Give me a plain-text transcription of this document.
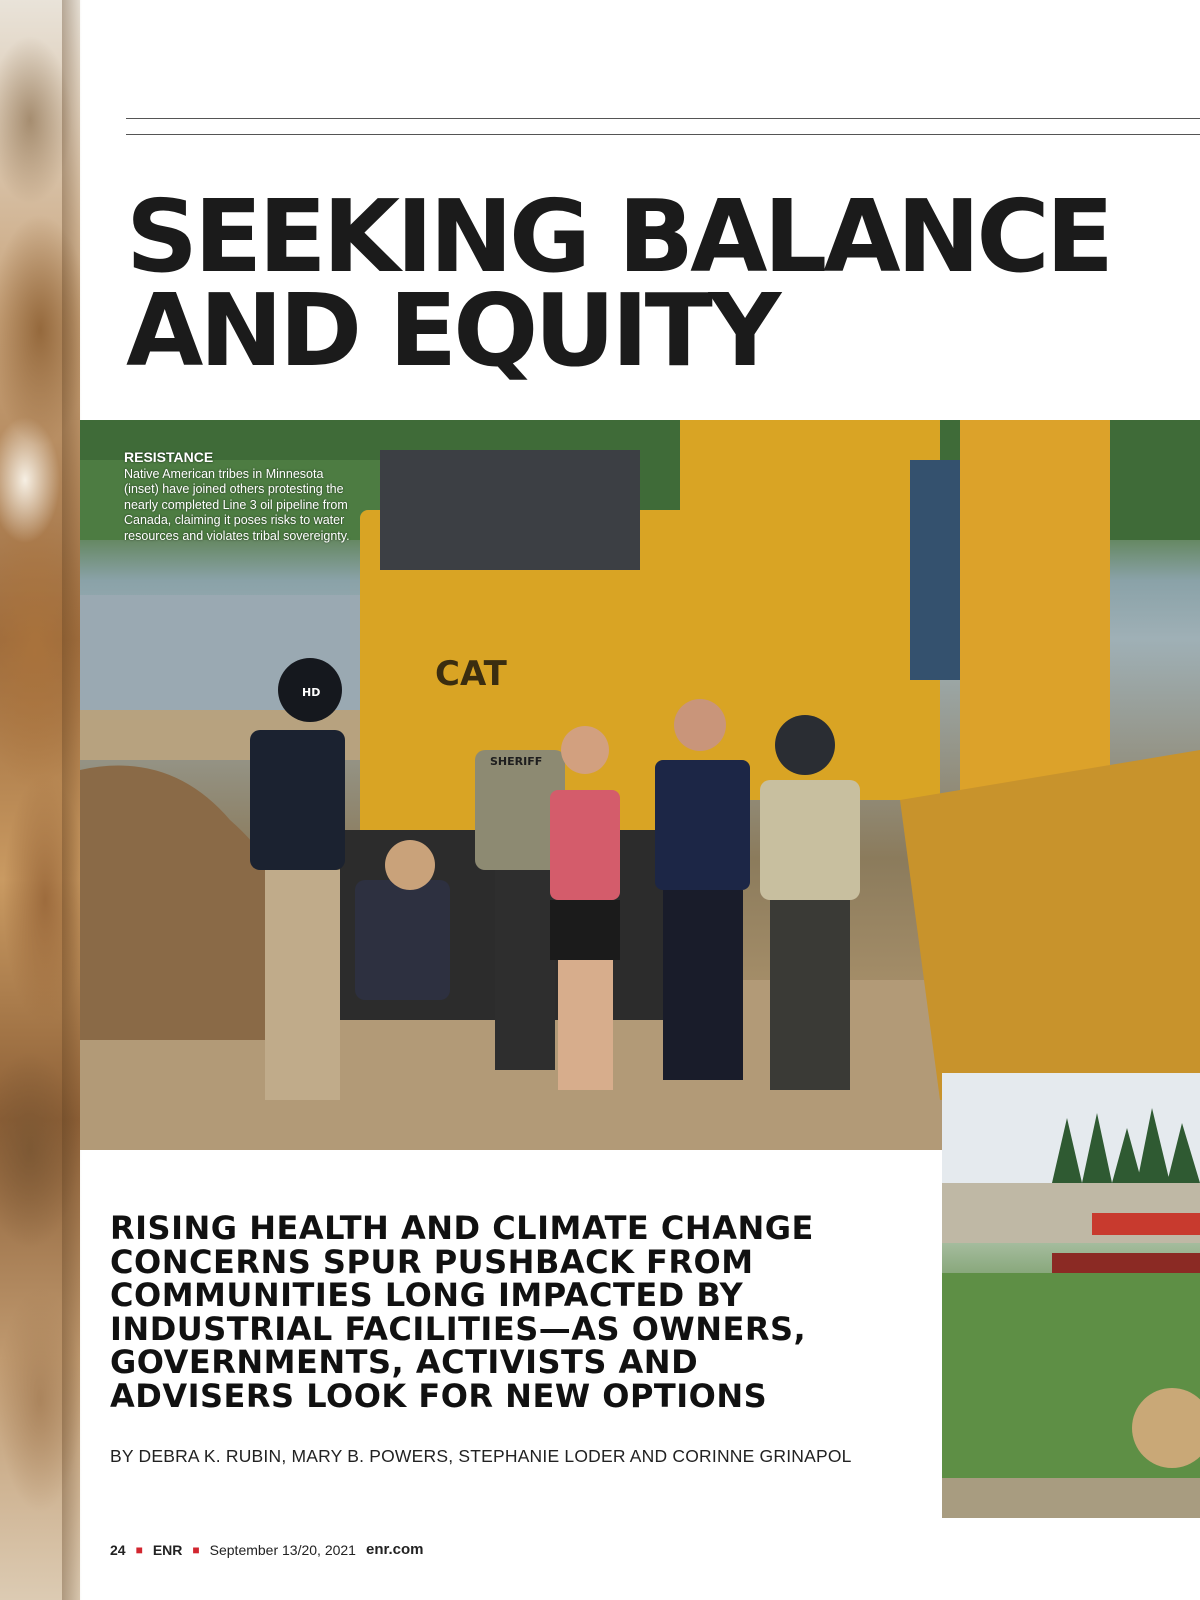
SEEKING BALANCE
AND EQUITY
CAT
HD
SHERIFF
RESISTANCE
Native American tribes in Minnesota (inset) have joined others protesting the nearly completed Line 3 oil pipeline from Canada, claiming it poses risks to water resources and violates tribal sovereignty.
RISING HEALTH AND CLIMATE CHANGE
CONCERNS SPUR PUSHBACK FROM
COMMUNITIES LONG IMPACTED BY
INDUSTRIAL FACILITIES—AS OWNERS,
GOVERNMENTS, ACTIVISTS AND
ADVISERS LOOK FOR NEW OPTIONS

BY DEBRA K. RUBIN, MARY B. POWERS, STEPHANIE LODER AND CORINNE GRINAPOL

24 ■ ENR ■ September 13/20, 2021 enr.com
